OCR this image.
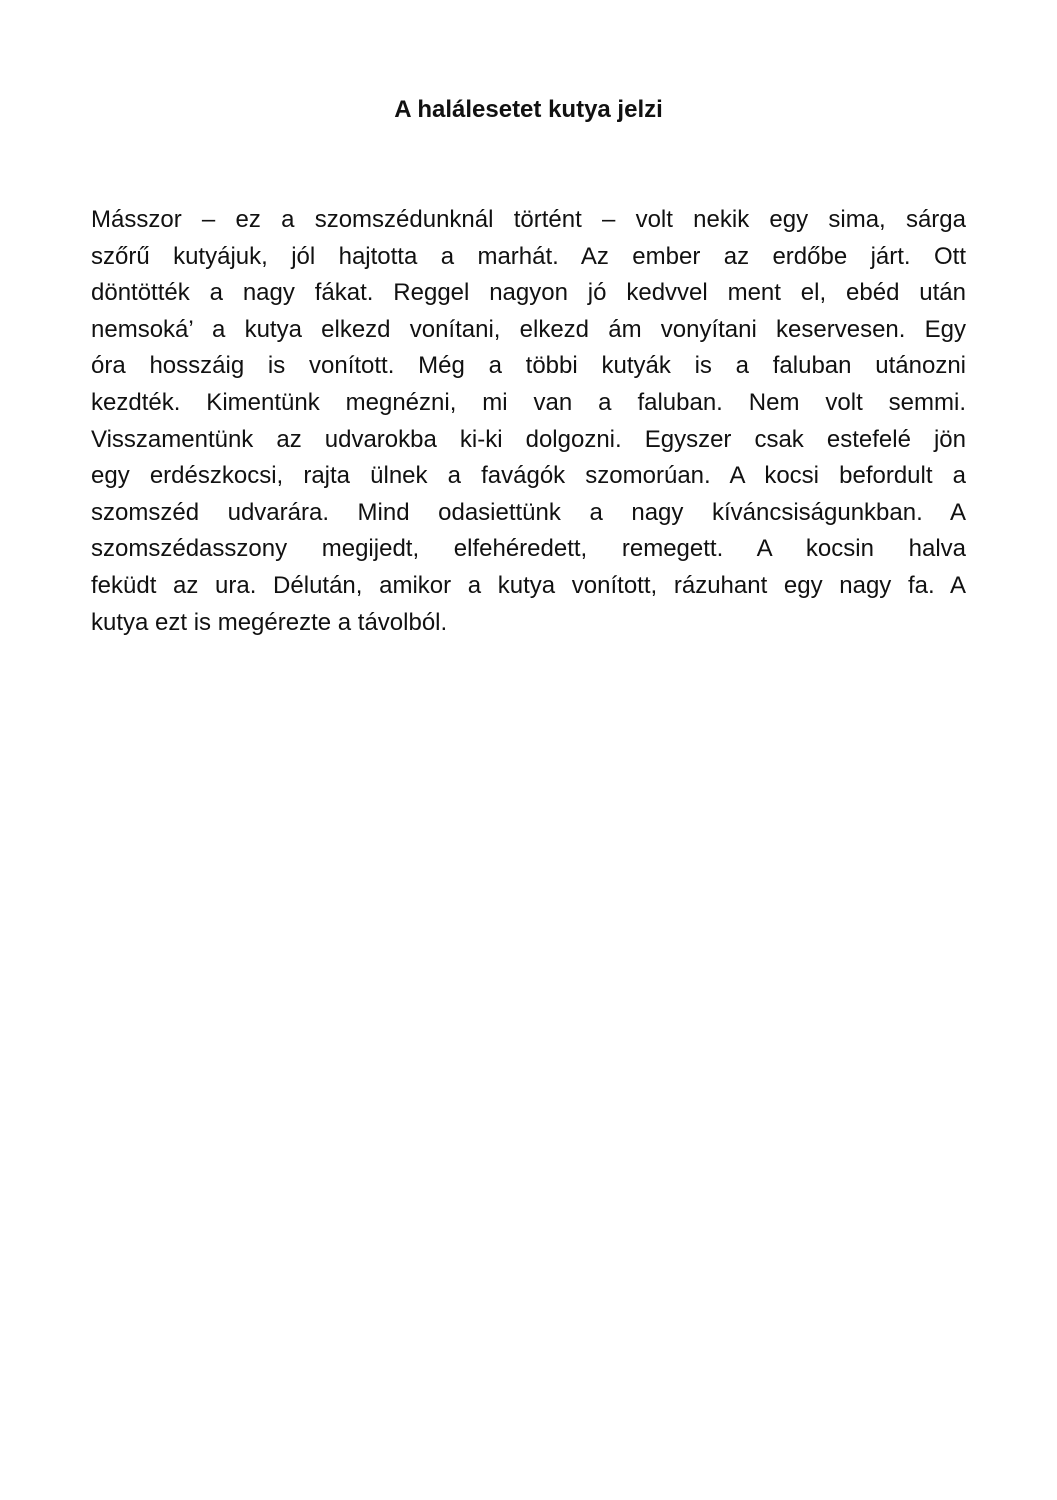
A halálesetet kutya jelzi
Másszor – ez a szomszédunknál történt – volt nekik egy sima, sárga
szőrű kutyájuk, jól hajtotta a marhát. Az ember az erdőbe járt. Ott
döntötték a nagy fákat. Reggel nagyon jó kedvvel ment el, ebéd után
nemsoká’ a kutya elkezd vonítani, elkezd ám vonyítani keservesen. Egy
óra hosszáig is vonított. Még a többi kutyák is a faluban utánozni
kezdték. Kimentünk megnézni, mi van a faluban. Nem volt semmi.
Visszamentünk az udvarokba ki-ki dolgozni. Egyszer csak estefelé jön
egy erdészkocsi, rajta ülnek a favágók szomorúan. A kocsi befordult a
szomszéd udvarára. Mind odasiettünk a nagy kíváncsiságunkban. A
szomszédasszony megijedt, elfehéredett, remegett. A kocsin halva
feküdt az ura. Délután, amikor a kutya vonított, rázuhant egy nagy fa. A
kutya ezt is megérezte a távolból.
